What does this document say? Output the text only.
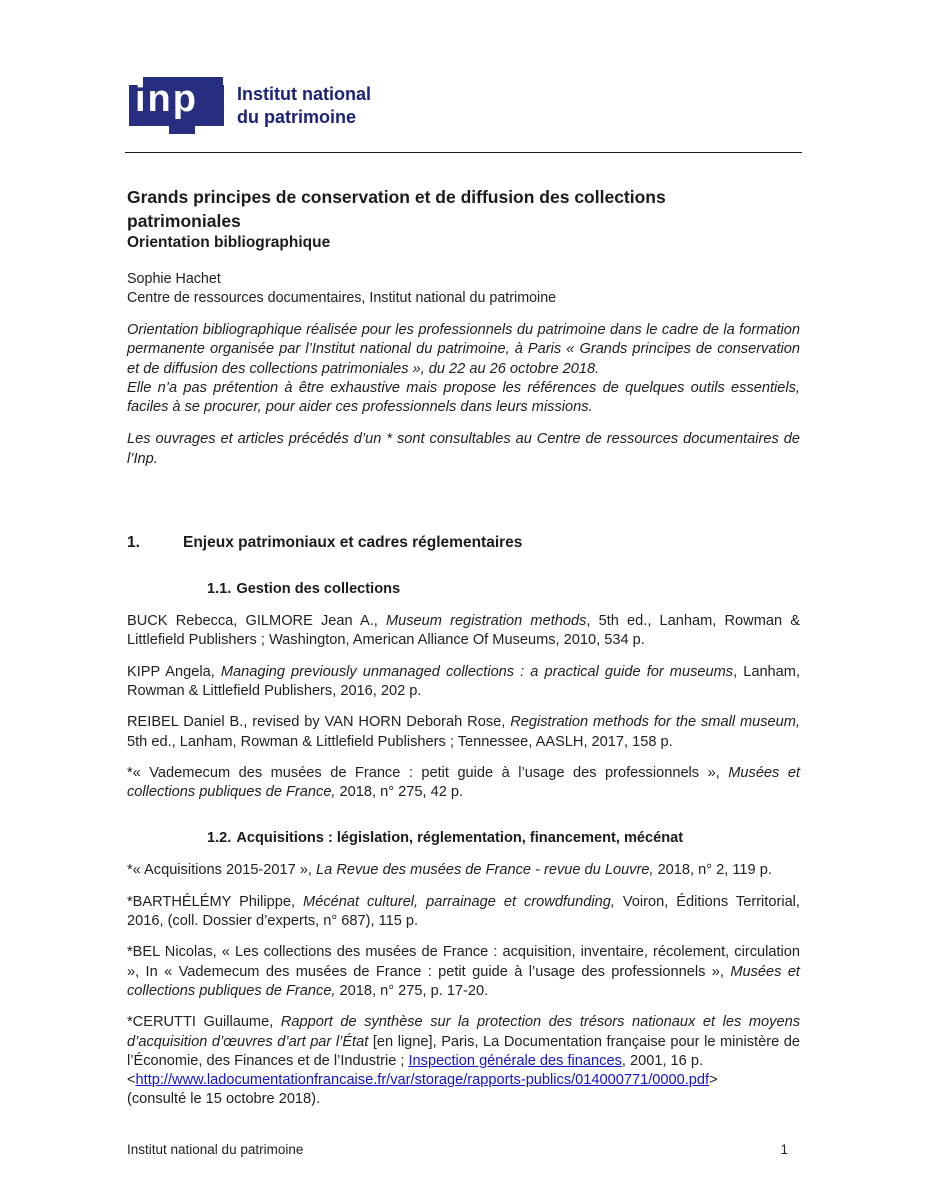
inp Institut national
du patrimoine
Grands principes de conservation et de diffusion des collections
patrimoniales
Orientation bibliographique
Sophie Hachet
Centre de ressources documentaires, Institut national du patrimoine

Orientation bibliographique réalisée pour les professionnels du patrimoine dans le cadre de la formation permanente organisée par l’Institut national du patrimoine, à Paris « Grands principes de conservation et de diffusion des collections patrimoniales », du 22 au 26 octobre 2018.

Elle n’a pas prétention à être exhaustive mais propose les références de quelques outils essentiels, faciles à se procurer, pour aider ces professionnels dans leurs missions.

Les ouvrages et articles précédés d’un * sont consultables au Centre de ressources documentaires de l’Inp.
1.	Enjeux patrimoniaux et cadres réglementaires
1.1. Gestion des collections

BUCK Rebecca, GILMORE Jean A., Museum registration methods, 5th ed., Lanham, Rowman & Littlefield Publishers ; Washington, American Alliance Of Museums, 2010, 534 p.

KIPP Angela, Managing previously unmanaged collections : a practical guide for museums, Lanham, Rowman & Littlefield Publishers, 2016, 202 p.

REIBEL Daniel B., revised by VAN HORN Deborah Rose, Registration methods for the small museum, 5th ed., Lanham, Rowman & Littlefield Publishers ; Tennessee, AASLH, 2017, 158 p.

*« Vademecum des musées de France : petit guide à l’usage des professionnels », Musées et collections publiques de France, 2018, n° 275, 42 p.

1.2. Acquisitions : législation, réglementation, financement, mécénat

*« Acquisitions 2015-2017 », La Revue des musées de France - revue du Louvre, 2018, n° 2, 119 p.

*BARTHÉLÉMY Philippe, Mécénat culturel, parrainage et crowdfunding, Voiron, Éditions Territorial, 2016, (coll. Dossier d’experts, n° 687), 115 p.

*BEL Nicolas, « Les collections des musées de France : acquisition, inventaire, récolement, circulation », In « Vademecum des musées de France : petit guide à l’usage des professionnels », Musées et collections publiques de France, 2018, n° 275, p. 17-20.

*CERUTTI Guillaume, Rapport de synthèse sur la protection des trésors nationaux et les moyens d’acquisition d’œuvres d’art par l’État [en ligne], Paris, La Documentation française pour le ministère de l’Économie, des Finances et de l’Industrie ; Inspection générale des finances, 2001, 16 p.
<http://www.ladocumentationfrancaise.fr/var/storage/rapports-publics/014000771/0000.pdf>
(consulté le 15 octobre 2018).

Institut national du patrimoine	1
